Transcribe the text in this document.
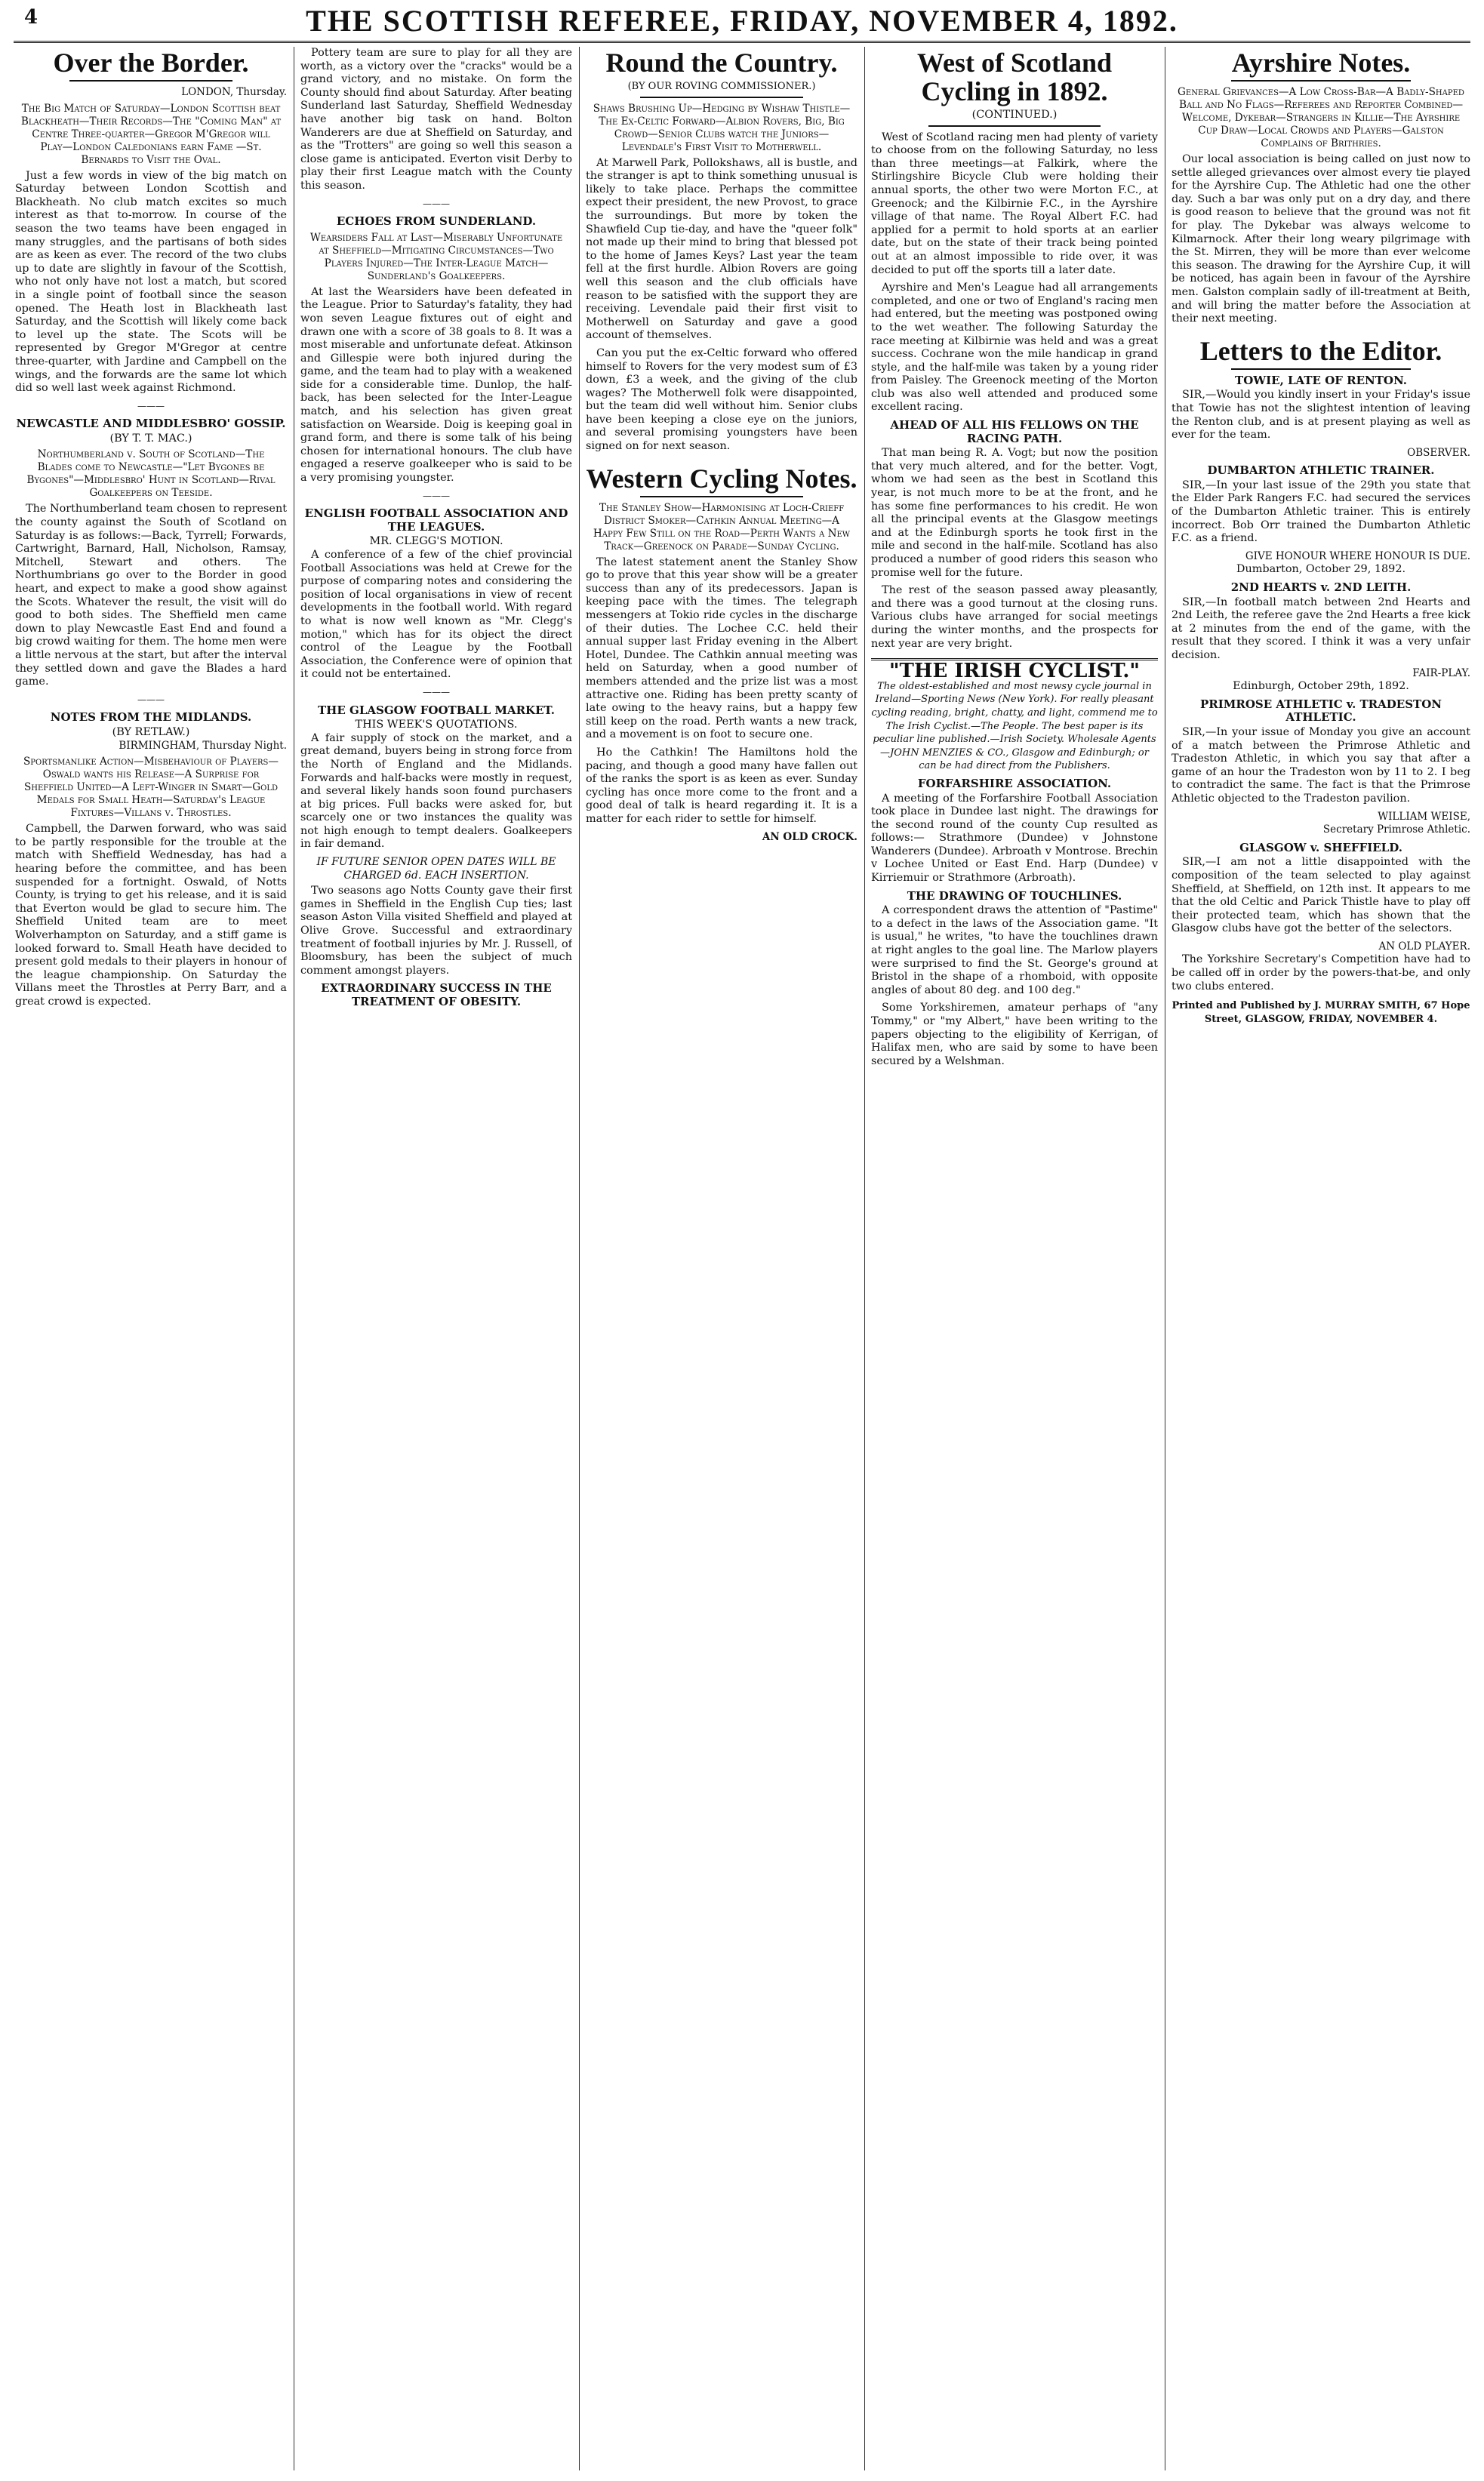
4	THE SCOTTISH REFEREE, FRIDAY, NOVEMBER 4, 1892.
Over the Border.
LONDON, Thursday.
The Big Match of Saturday—London Scottish beat Blackheath—Their Records—The "Coming Man" at Centre Three-quarter—Gregor M'Gregor will Play—London Caledonians earn Fame —St. Bernards to Visit the Oval.

Just a few words in view of the big match on Saturday between London Scottish and Blackheath. No club match excites so much interest as that to-morrow. In course of the season the two teams have been engaged in many struggles, and the partisans of both sides are as keen as ever. The record of the two clubs up to date are slightly in favour of the Scottish, who not only have not lost a match, but scored in a single point of football since the season opened. The Heath lost in Blackheath last Saturday, and the Scottish will likely come back to level up the state. The Scots will be represented by Gregor M'Gregor at centre three-quarter, with Jardine and Campbell on the wings, and the forwards are the same lot which did so well last week against Richmond.

———
NEWCASTLE AND MIDDLESBRO' GOSSIP.
(BY T. T. MAC.)
Northumberland v. South of Scotland—The Blades come to Newcastle—"Let Bygones be Bygones"—Middlesbro' Hunt in Scotland—Rival Goalkeepers on Teeside.

The Northumberland team chosen to represent the county against the South of Scotland on Saturday is as follows:—Back, Tyrrell; Forwards, Cartwright, Barnard, Hall, Nicholson, Ramsay, Mitchell, Stewart and others. The Northumbrians go over to the Border in good heart, and expect to make a good show against the Scots. Whatever the result, the visit will do good to both sides. The Sheffield men came down to play Newcastle East End and found a big crowd waiting for them. The home men were a little nervous at the start, but after the interval they settled down and gave the Blades a hard game.

———
NOTES FROM THE MIDLANDS.
(BY RETLAW.)
BIRMINGHAM, Thursday Night.
Sportsmanlike Action—Misbehaviour of Players—Oswald wants his Release—A Surprise for Sheffield United—A Left-Winger in Smart—Gold Medals for Small Heath—Saturday's League Fixtures—Villans v. Throstles.

Campbell, the Darwen forward, who was said to be partly responsible for the trouble at the match with Sheffield Wednesday, has had a hearing before the committee, and has been suspended for a fortnight. Oswald, of Notts County, is trying to get his release, and it is said that Everton would be glad to secure him. The Sheffield United team are to meet Wolverhampton on Saturday, and a stiff game is looked forward to. Small Heath have decided to present gold medals to their players in honour of the league championship. On Saturday the Villans meet the Throstles at Perry Barr, and a great crowd is expected.

Pottery team are sure to play for all they are worth, as a victory over the "cracks" would be a grand victory, and no mistake. On form the County should find about Saturday. After beating Sunderland last Saturday, Sheffield Wednesday have another big task on hand. Bolton Wanderers are due at Sheffield on Saturday, and as the "Trotters" are going so well this season a close game is anticipated. Everton visit Derby to play their first League match with the County this season.

———
ECHOES FROM SUNDERLAND.
Wearsiders Fall at Last—Miserably Unfortunate at Sheffield—Mitigating Circumstances—Two Players Injured—The Inter-League Match—Sunderland's Goalkeepers.

At last the Wearsiders have been defeated in the League. Prior to Saturday's fatality, they had won seven League fixtures out of eight and drawn one with a score of 38 goals to 8. It was a most miserable and unfortunate defeat. Atkinson and Gillespie were both injured during the game, and the team had to play with a weakened side for a considerable time. Dunlop, the half-back, has been selected for the Inter-League match, and his selection has given great satisfaction on Wearside. Doig is keeping goal in grand form, and there is some talk of his being chosen for international honours. The club have engaged a reserve goalkeeper who is said to be a very promising youngster.

———
ENGLISH FOOTBALL ASSOCIATION AND THE LEAGUES.
MR. CLEGG'S MOTION.

A conference of a few of the chief provincial Football Associations was held at Crewe for the purpose of comparing notes and considering the position of local organisations in view of recent developments in the football world. With regard to what is now well known as "Mr. Clegg's motion," which has for its object the direct control of the League by the Football Association, the Conference were of opinion that it could not be entertained.

———
THE GLASGOW FOOTBALL MARKET.
THIS WEEK'S QUOTATIONS.

A fair supply of stock on the market, and a great demand, buyers being in strong force from the North of England and the Midlands. Forwards and half-backs were mostly in request, and several likely hands soon found purchasers at big prices. Full backs were asked for, but scarcely one or two instances the quality was not high enough to tempt dealers. Goalkeepers in fair demand.

IF FUTURE SENIOR OPEN DATES WILL BE CHARGED 6d. EACH INSERTION.

Two seasons ago Notts County gave their first games in Sheffield in the English Cup ties; last season Aston Villa visited Sheffield and played at Olive Grove. Successful and extraordinary treatment of football injuries by Mr. J. Russell, of Bloomsbury, has been the subject of much comment amongst players.

EXTRAORDINARY SUCCESS IN THE TREATMENT OF OBESITY.
Round the Country.
(BY OUR ROVING COMMISSIONER.)
Shaws Brushing Up—Hedging by Wishaw Thistle—The Ex-Celtic Forward—Albion Rovers, Big, Big Crowd—Senior Clubs watch the Juniors—Levendale's First Visit to Motherwell.

At Marwell Park, Pollokshaws, all is bustle, and the stranger is apt to think something unusual is likely to take place. Perhaps the committee expect their president, the new Provost, to grace the surroundings. But more by token the Shawfield Cup tie-day, and have the "queer folk" not made up their mind to bring that blessed pot to the home of James Keys? Last year the team fell at the first hurdle. Albion Rovers are going well this season and the club officials have reason to be satisfied with the support they are receiving. Levendale paid their first visit to Motherwell on Saturday and gave a good account of themselves.

Can you put the ex-Celtic forward who offered himself to Rovers for the very modest sum of £3 down, £3 a week, and the giving of the club wages? The Motherwell folk were disappointed, but the team did well without him. Senior clubs have been keeping a close eye on the juniors, and several promising youngsters have been signed on for next season.

Western Cycling Notes.
The Stanley Show—Harmonising at Loch-Crieff District Smoker—Cathkin Annual Meeting—A Happy Few Still on the Road—Perth Wants a New Track—Greenock on Parade—Sunday Cycling.

The latest statement anent the Stanley Show go to prove that this year show will be a greater success than any of its predecessors. Japan is keeping pace with the times. The telegraph messengers at Tokio ride cycles in the discharge of their duties. The Lochee C.C. held their annual supper last Friday evening in the Albert Hotel, Dundee. The Cathkin annual meeting was held on Saturday, when a good number of members attended and the prize list was a most attractive one. Riding has been pretty scanty of late owing to the heavy rains, but a happy few still keep on the road. Perth wants a new track, and a movement is on foot to secure one.

Ho the Cathkin! The Hamiltons hold the pacing, and though a good many have fallen out of the ranks the sport is as keen as ever. Sunday cycling has once more come to the front and a good deal of talk is heard regarding it. It is a matter for each rider to settle for himself.

AN OLD CROCK.
West of Scotland Cycling in 1892.
(CONTINUED.)

West of Scotland racing men had plenty of variety to choose from on the following Saturday, no less than three meetings—at Falkirk, where the Stirlingshire Bicycle Club were holding their annual sports, the other two were Morton F.C., at Greenock; and the Kilbirnie F.C., in the Ayrshire village of that name. The Royal Albert F.C. had applied for a permit to hold sports at an earlier date, but on the state of their track being pointed out at an almost impossible to ride over, it was decided to put off the sports till a later date.

Ayrshire and Men's League had all arrangements completed, and one or two of England's racing men had entered, but the meeting was postponed owing to the wet weather. The following Saturday the race meeting at Kilbirnie was held and was a great success. Cochrane won the mile handicap in grand style, and the half-mile was taken by a young rider from Paisley. The Greenock meeting of the Morton club was also well attended and produced some excellent racing.

AHEAD OF ALL HIS FELLOWS ON THE RACING PATH.

That man being R. A. Vogt; but now the position that very much altered, and for the better. Vogt, whom we had seen as the best in Scotland this year, is not much more to be at the front, and he has some fine performances to his credit. He won all the principal events at the Glasgow meetings and at the Edinburgh sports he took first in the mile and second in the half-mile. Scotland has also produced a number of good riders this season who promise well for the future.

The rest of the season passed away pleasantly, and there was a good turnout at the closing runs. Various clubs have arranged for social meetings during the winter months, and the prospects for next year are very bright.

"THE IRISH CYCLIST."
The oldest-established and most newsy cycle journal in Ireland—Sporting News (New York). For really pleasant cycling reading, bright, chatty, and light, commend me to The Irish Cyclist.—The People. The best paper is its peculiar line published.—Irish Society. Wholesale Agents—JOHN MENZIES & CO., Glasgow and Edinburgh; or can be had direct from the Publishers.
FORFARSHIRE ASSOCIATION.

A meeting of the Forfarshire Football Association took place in Dundee last night. The drawings for the second round of the county Cup resulted as follows:— Strathmore (Dundee) v Johnstone Wanderers (Dundee). Arbroath v Montrose. Brechin v Lochee United or East End. Harp (Dundee) v Kirriemuir or Strathmore (Arbroath).

THE DRAWING OF TOUCHLINES.

A correspondent draws the attention of "Pastime" to a defect in the laws of the Association game. "It is usual," he writes, "to have the touchlines drawn at right angles to the goal line. The Marlow players were surprised to find the St. George's ground at Bristol in the shape of a rhomboid, with opposite angles of about 80 deg. and 100 deg."

Some Yorkshiremen, amateur perhaps of "any Tommy," or "my Albert," have been writing to the papers objecting to the eligibility of Kerrigan, of Halifax men, who are said by some to have been secured by a Welshman.

Ayrshire Notes.
General Grievances—A Low Cross-Bar—A Badly-Shaped Ball and No Flags—Referees and Reporter Combined—Welcome, Dykebar—Strangers in Killie—The Ayrshire Cup Draw—Local Crowds and Players—Galston Complains of Brithries.

Our local association is being called on just now to settle alleged grievances over almost every tie played for the Ayrshire Cup. The Athletic had one the other day. Such a bar was only put on a dry day, and there is good reason to believe that the ground was not fit for play. The Dykebar was always welcome to Kilmarnock. After their long weary pilgrimage with the St. Mirren, they will be more than ever welcome this season. The drawing for the Ayrshire Cup, it will be noticed, has again been in favour of the Ayrshire men. Galston complain sadly of ill-treatment at Beith, and will bring the matter before the Association at their next meeting.

Letters to the Editor.
TOWIE, LATE OF RENTON.

SIR,—Would you kindly insert in your Friday's issue that Towie has not the slightest intention of leaving the Renton club, and is at present playing as well as ever for the team.

OBSERVER.
DUMBARTON ATHLETIC TRAINER.

SIR,—In your last issue of the 29th you state that the Elder Park Rangers F.C. had secured the services of the Dumbarton Athletic trainer. This is entirely incorrect. Bob Orr trained the Dumbarton Athletic F.C. as a friend.

GIVE HONOUR WHERE HONOUR IS DUE.
Dumbarton, October 29, 1892.
2ND HEARTS v. 2ND LEITH.

SIR,—In football match between 2nd Hearts and 2nd Leith, the referee gave the 2nd Hearts a free kick at 2 minutes from the end of the game, with the result that they scored. I think it was a very unfair decision.

FAIR-PLAY.
Edinburgh, October 29th, 1892.
PRIMROSE ATHLETIC v. TRADESTON ATHLETIC.

SIR,—In your issue of Monday you give an account of a match between the Primrose Athletic and Tradeston Athletic, in which you say that after a game of an hour the Tradeston won by 11 to 2. I beg to contradict the same. The fact is that the Primrose Athletic objected to the Tradeston pavilion.

WILLIAM WEISE,
Secretary Primrose Athletic.
GLASGOW v. SHEFFIELD.

SIR,—I am not a little disappointed with the composition of the team selected to play against Sheffield, at Sheffield, on 12th inst. It appears to me that the old Celtic and Parick Thistle have to play off their protected team, which has shown that the Glasgow clubs have got the better of the selectors.

AN OLD PLAYER.

The Yorkshire Secretary's Competition have had to be called off in order by the powers-that-be, and only two clubs entered.

Printed and Published by J. MURRAY SMITH, 67 Hope Street, GLASGOW, FRIDAY, NOVEMBER 4.
